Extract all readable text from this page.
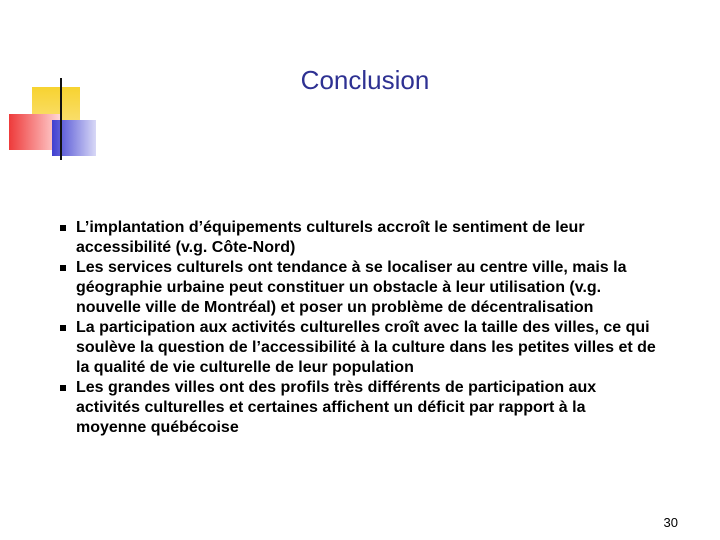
Conclusion
L’implantation d’équipements culturels accroît le sentiment de leur accessibilité (v.g. Côte-Nord)
Les services culturels ont tendance à se localiser au centre ville, mais la géographie urbaine peut constituer un obstacle à leur utilisation (v.g. nouvelle ville de Montréal) et poser un problème de décentralisation
La participation aux activités culturelles croît avec la taille des villes, ce qui soulève la question de l’accessibilité à la culture dans les petites villes et de la qualité de vie culturelle de leur population
Les grandes villes ont des profils très différents de participation aux activités culturelles et certaines affichent un déficit par rapport à la moyenne québécoise
30
